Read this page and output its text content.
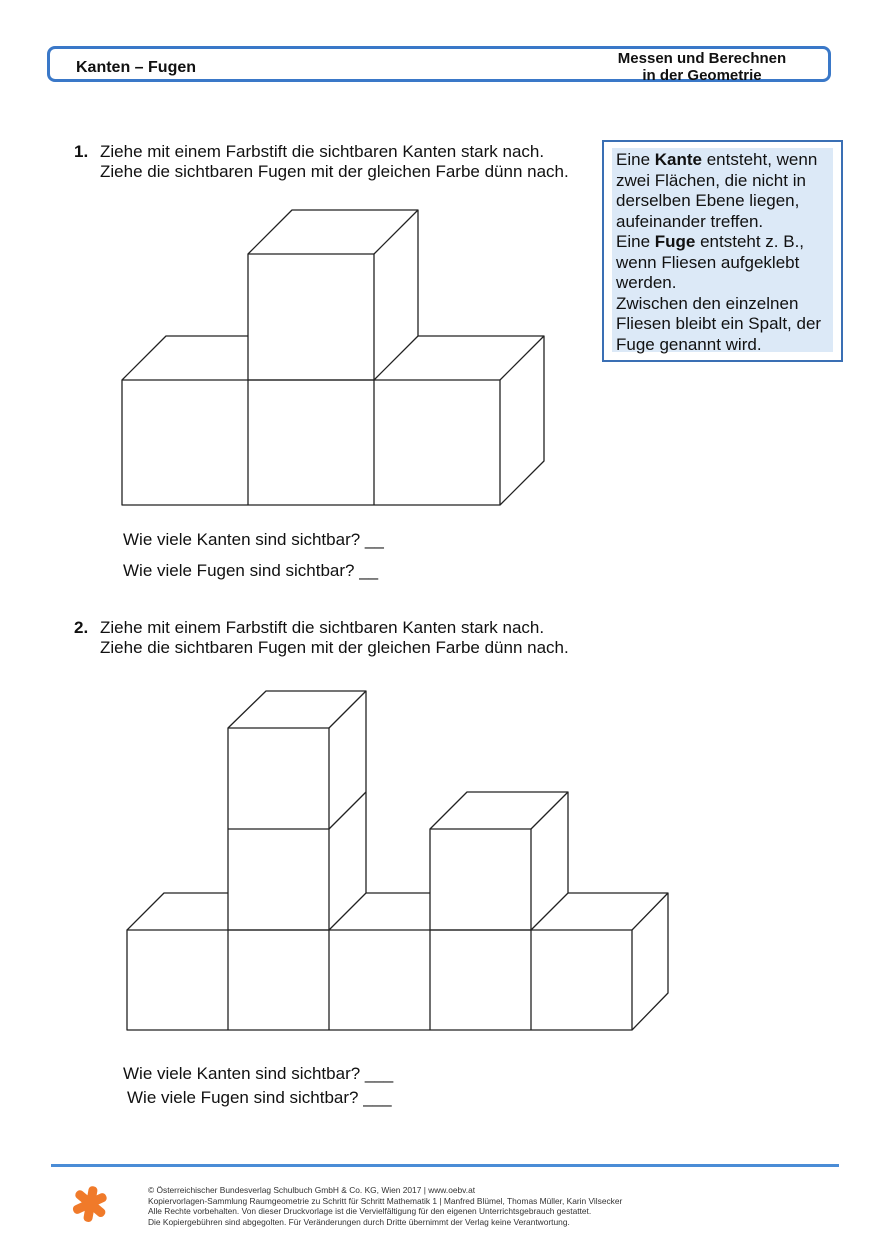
Kanten – Fugen
Messen und Berechnen
in der Geometrie
1. Ziehe mit einem Farbstift die sichtbaren Kanten stark nach.
Ziehe die sichtbaren Fugen mit der gleichen Farbe dünn nach.
Eine Kante entsteht, wenn zwei Flächen, die nicht in derselben Ebene liegen, aufeinander treffen.
Eine Fuge entsteht z. B., wenn Fliesen aufgeklebt werden.
Zwischen den einzelnen Fliesen bleibt ein Spalt, der Fuge genannt wird.
Wie viele Kanten sind sichtbar? __
Wie viele Fugen sind sichtbar? __
2. Ziehe mit einem Farbstift die sichtbaren Kanten stark nach.
Ziehe die sichtbaren Fugen mit der gleichen Farbe dünn nach.
Wie viele Kanten sind sichtbar? ___
Wie viele Fugen sind sichtbar? ___
© Österreichischer Bundesverlag Schulbuch GmbH & Co. KG, Wien 2017 | www.oebv.at
Kopiervorlagen-Sammlung Raumgeometrie zu Schritt für Schritt Mathematik 1 | Manfred Blümel, Thomas Müller, Karin Vilsecker
Alle Rechte vorbehalten. Von dieser Druckvorlage ist die Vervielfältigung für den eigenen Unterrichtsgebrauch gestattet.
Die Kopiergebühren sind abgegolten. Für Veränderungen durch Dritte übernimmt der Verlag keine Verantwortung.
